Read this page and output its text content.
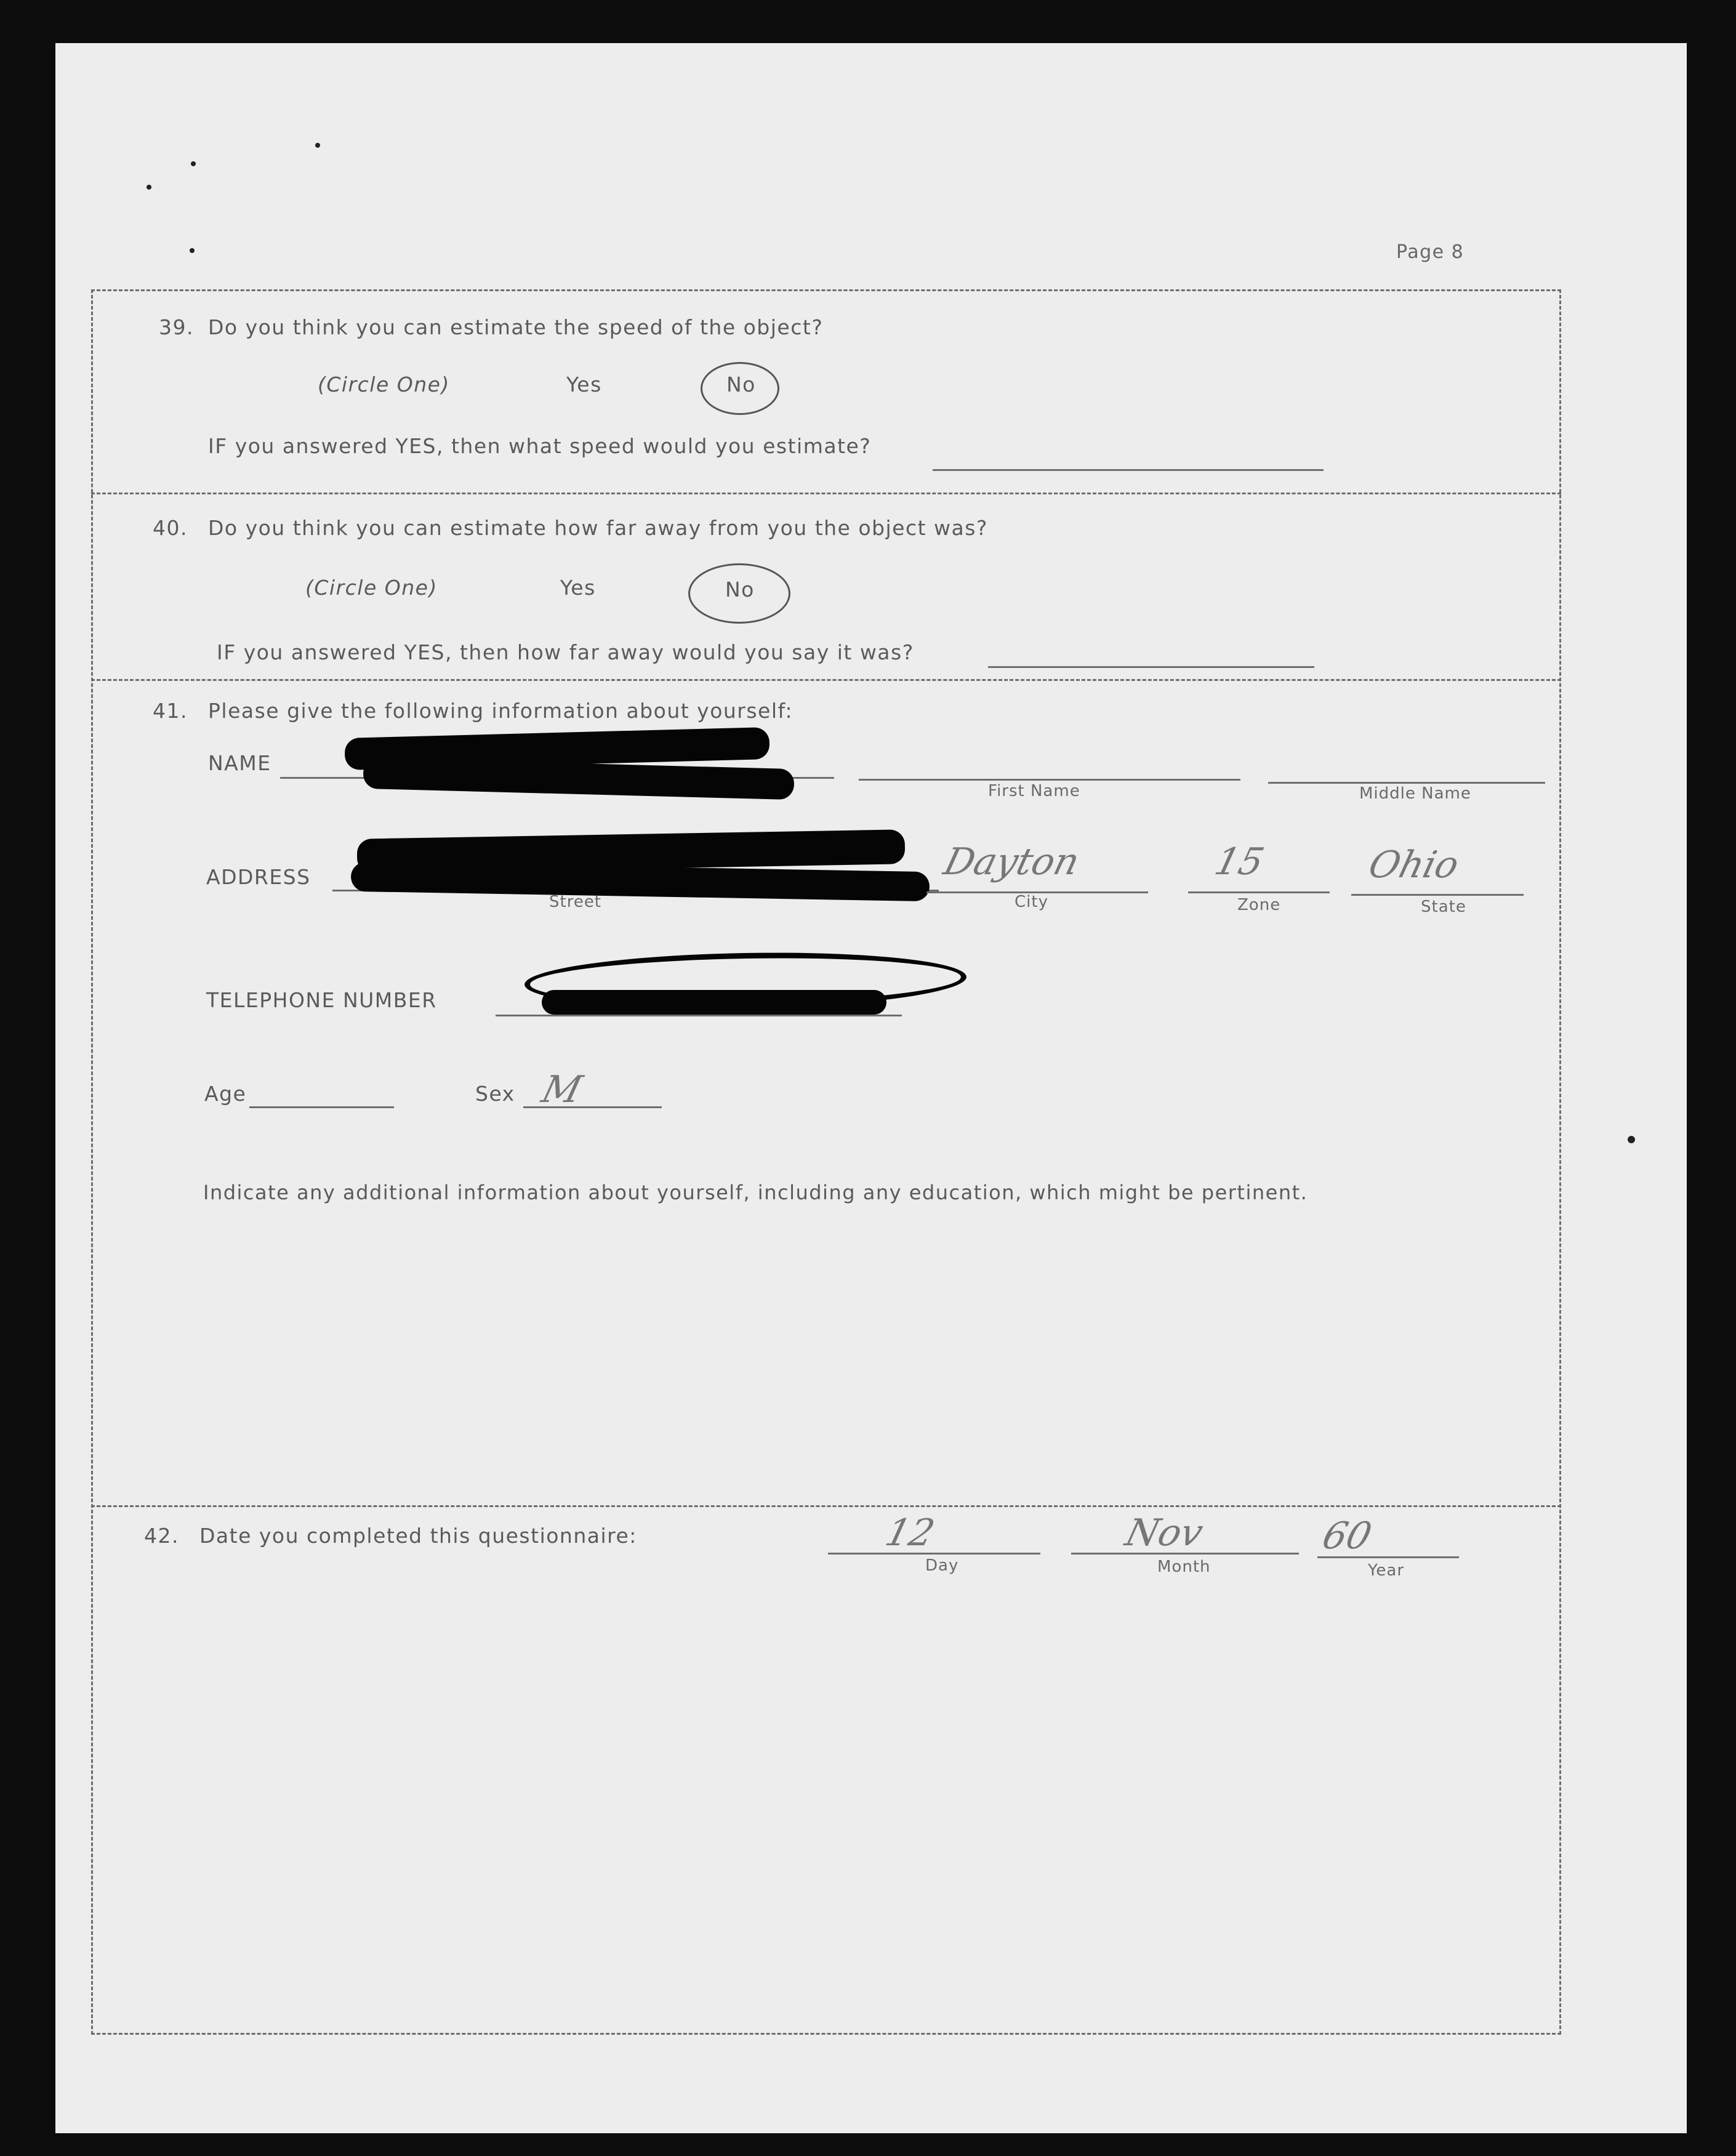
Page 8
39. Do you think you can estimate the speed of the object?
(Circle One)	Yes	No
IF you answered YES, then what speed would you estimate?
40. Do you think you can estimate how far away from you the object was?
(Circle One)	Yes	No
IF you answered YES, then how far away would you say it was?
41. Please give the following information about yourself:
NAME
First Name	Middle Name
ADDRESS
Street
Dayton
City
15
Zone
Ohio
State
TELEPHONE NUMBER
Age	Sex M
Indicate any additional information about yourself, including any education, which might be pertinent.
42. Date you completed this questionnaire:	12
Day
Nov
Month
60
Year
